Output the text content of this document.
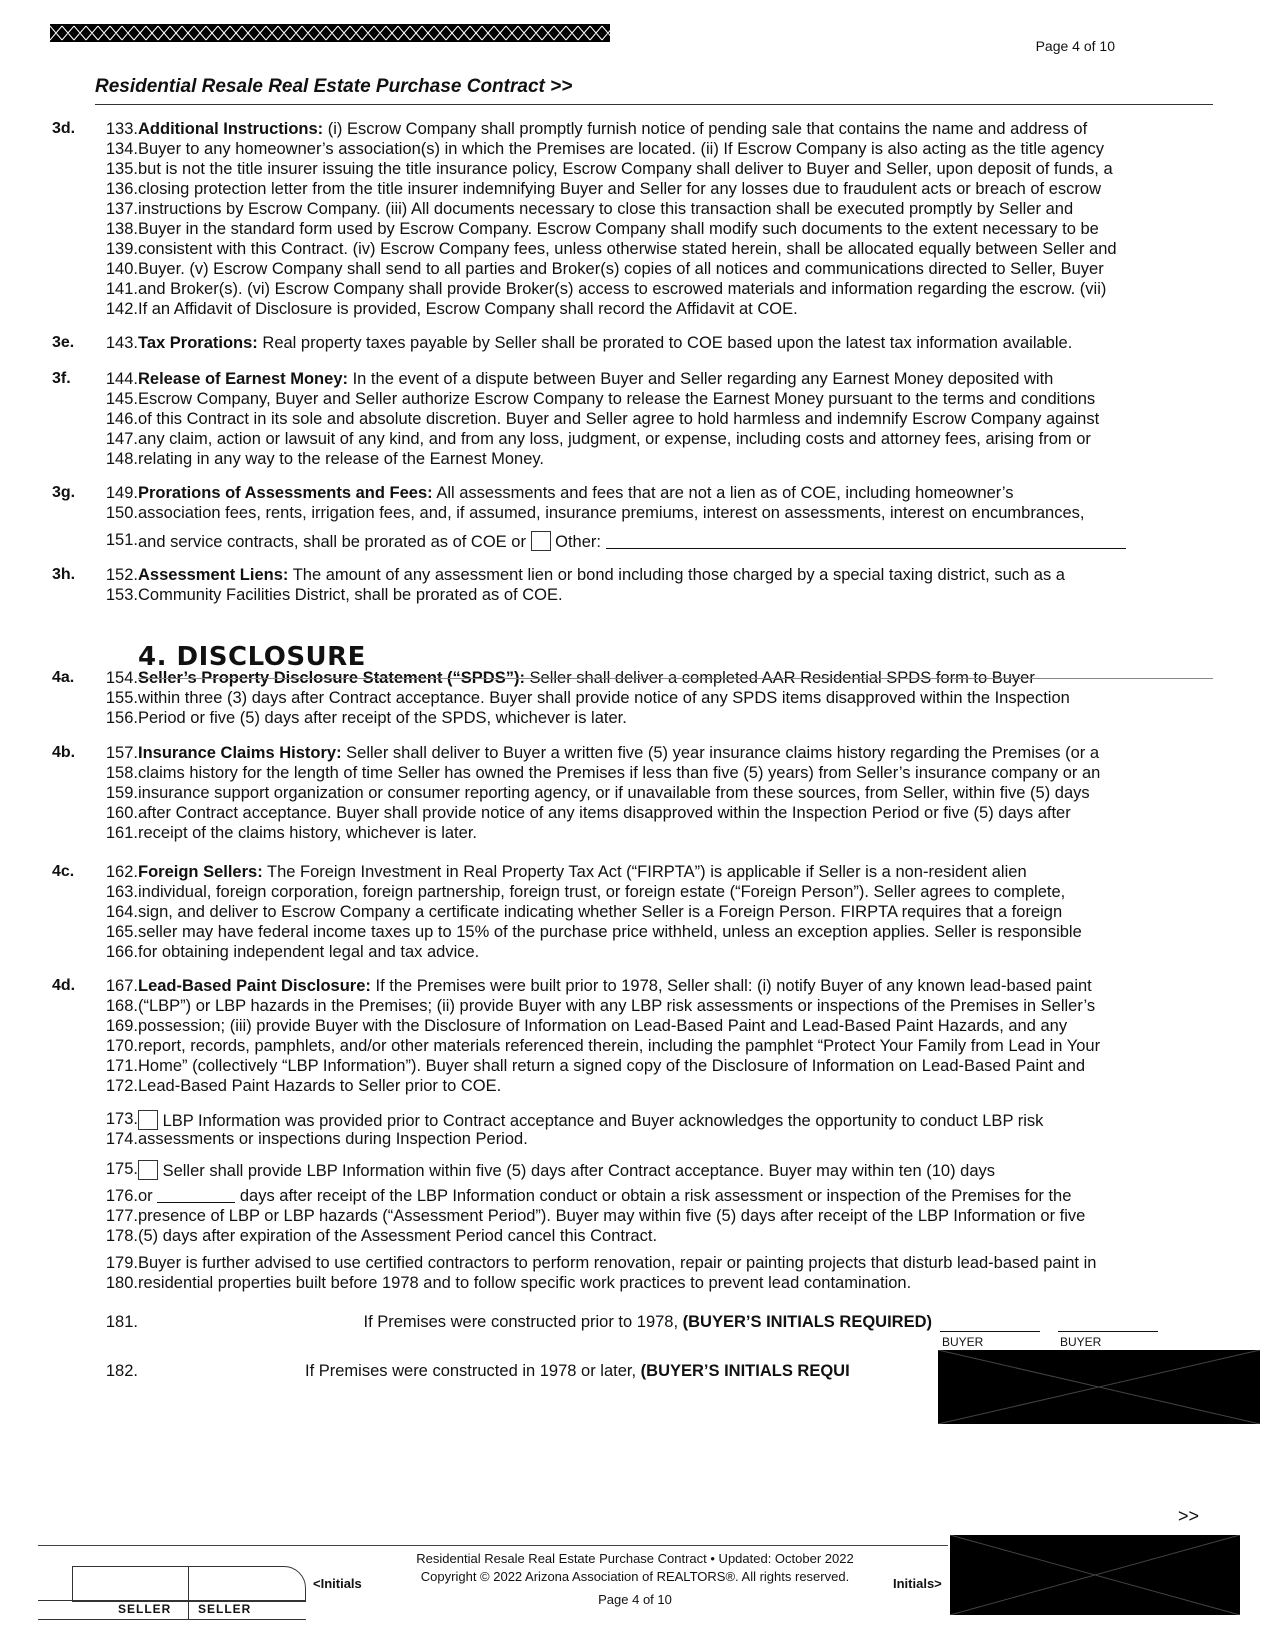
Page 4 of 10
Residential Resale Real Estate Purchase Contract >>
3d.	133. Additional Instructions: (i) Escrow Company shall promptly furnish notice of pending sale that contains the name and address of
134. Buyer to any homeowner’s association(s) in which the Premises are located. (ii) If Escrow Company is also acting as the title agency
135. but is not the title insurer issuing the title insurance policy, Escrow Company shall deliver to Buyer and Seller, upon deposit of funds, a
136. closing protection letter from the title insurer indemnifying Buyer and Seller for any losses due to fraudulent acts or breach of escrow
137. instructions by Escrow Company. (iii) All documents necessary to close this transaction shall be executed promptly by Seller and
138. Buyer in the standard form used by Escrow Company. Escrow Company shall modify such documents to the extent necessary to be
139. consistent with this Contract. (iv) Escrow Company fees, unless otherwise stated herein, shall be allocated equally between Seller and
140. Buyer. (v) Escrow Company shall send to all parties and Broker(s) copies of all notices and communications directed to Seller, Buyer
141. and Broker(s). (vi) Escrow Company shall provide Broker(s) access to escrowed materials and information regarding the escrow. (vii)
142. If an Affidavit of Disclosure is provided, Escrow Company shall record the Affidavit at COE.
3e.	143. Tax Prorations: Real property taxes payable by Seller shall be prorated to COE based upon the latest tax information available.
3f.	144. Release of Earnest Money: In the event of a dispute between Buyer and Seller regarding any Earnest Money deposited with
145. Escrow Company, Buyer and Seller authorize Escrow Company to release the Earnest Money pursuant to the terms and conditions
146. of this Contract in its sole and absolute discretion. Buyer and Seller agree to hold harmless and indemnify Escrow Company against
147. any claim, action or lawsuit of any kind, and from any loss, judgment, or expense, including costs and attorney fees, arising from or
148. relating in any way to the release of the Earnest Money.
3g.	149. Prorations of Assessments and Fees: All assessments and fees that are not a lien as of COE, including homeowner’s
150. association fees, rents, irrigation fees, and, if assumed, insurance premiums, interest on assessments, interest on encumbrances,
151. and service contracts, shall be prorated as of COE or Other:
3h.	152. Assessment Liens: The amount of any assessment lien or bond including those charged by a special taxing district, such as a
153. Community Facilities District, shall be prorated as of COE.
4a.	154. Seller’s Property Disclosure Statement (“SPDS”): Seller shall deliver a completed AAR Residential SPDS form to Buyer
155. within three (3) days after Contract acceptance. Buyer shall provide notice of any SPDS items disapproved within the Inspection
156. Period or five (5) days after receipt of the SPDS, whichever is later.
4b.	157. Insurance Claims History: Seller shall deliver to Buyer a written five (5) year insurance claims history regarding the Premises (or a
158. claims history for the length of time Seller has owned the Premises if less than five (5) years) from Seller’s insurance company or an
159. insurance support organization or consumer reporting agency, or if unavailable from these sources, from Seller, within five (5) days
160. after Contract acceptance. Buyer shall provide notice of any items disapproved within the Inspection Period or five (5) days after
161. receipt of the claims history, whichever is later.
4c.	162. Foreign Sellers: The Foreign Investment in Real Property Tax Act (“FIRPTA”) is applicable if Seller is a non-resident alien
163. individual, foreign corporation, foreign partnership, foreign trust, or foreign estate (“Foreign Person”). Seller agrees to complete,
164. sign, and deliver to Escrow Company a certificate indicating whether Seller is a Foreign Person. FIRPTA requires that a foreign
165. seller may have federal income taxes up to 15% of the purchase price withheld, unless an exception applies. Seller is responsible
166. for obtaining independent legal and tax advice.
4d.	167. Lead-Based Paint Disclosure: If the Premises were built prior to 1978, Seller shall: (i) notify Buyer of any known lead-based paint
168. (“LBP”) or LBP hazards in the Premises; (ii) provide Buyer with any LBP risk assessments or inspections of the Premises in Seller’s
169. possession; (iii) provide Buyer with the Disclosure of Information on Lead-Based Paint and Lead-Based Paint Hazards, and any
170. report, records, pamphlets, and/or other materials referenced therein, including the pamphlet “Protect Your Family from Lead in Your
171. Home” (collectively “LBP Information”). Buyer shall return a signed copy of the Disclosure of Information on Lead-Based Paint and
172. Lead-Based Paint Hazards to Seller prior to COE.
173.	LBP Information was provided prior to Contract acceptance and Buyer acknowledges the opportunity to conduct LBP risk
174. assessments or inspections during Inspection Period.
175.	Seller shall provide LBP Information within five (5) days after Contract acceptance. Buyer may within ten (10) days
176. or	days after receipt of the LBP Information conduct or obtain a risk assessment or inspection of the Premises for the
177. presence of LBP or LBP hazards (“Assessment Period”). Buyer may within five (5) days after receipt of the LBP Information or five
178. (5) days after expiration of the Assessment Period cancel this Contract.
179. Buyer is further advised to use certified contractors to perform renovation, repair or painting projects that disturb lead-based paint in
180. residential properties built before 1978 and to follow specific work practices to prevent lead contamination.
4. DISCLOSURE
181.	If Premises were constructed prior to 1978, (BUYER’S INITIALS REQUIRED)
BUYER	BUYER
182.	If Premises were constructed in 1978 or later, (BUYER’S INITIALS REQUI
>>
Residential Resale Real Estate Purchase Contract • Updated: October 2022
Copyright © 2022 Arizona Association of REALTORS®. All rights reserved.
Page 4 of 10
SELLER SELLER
<Initials	Initials>
